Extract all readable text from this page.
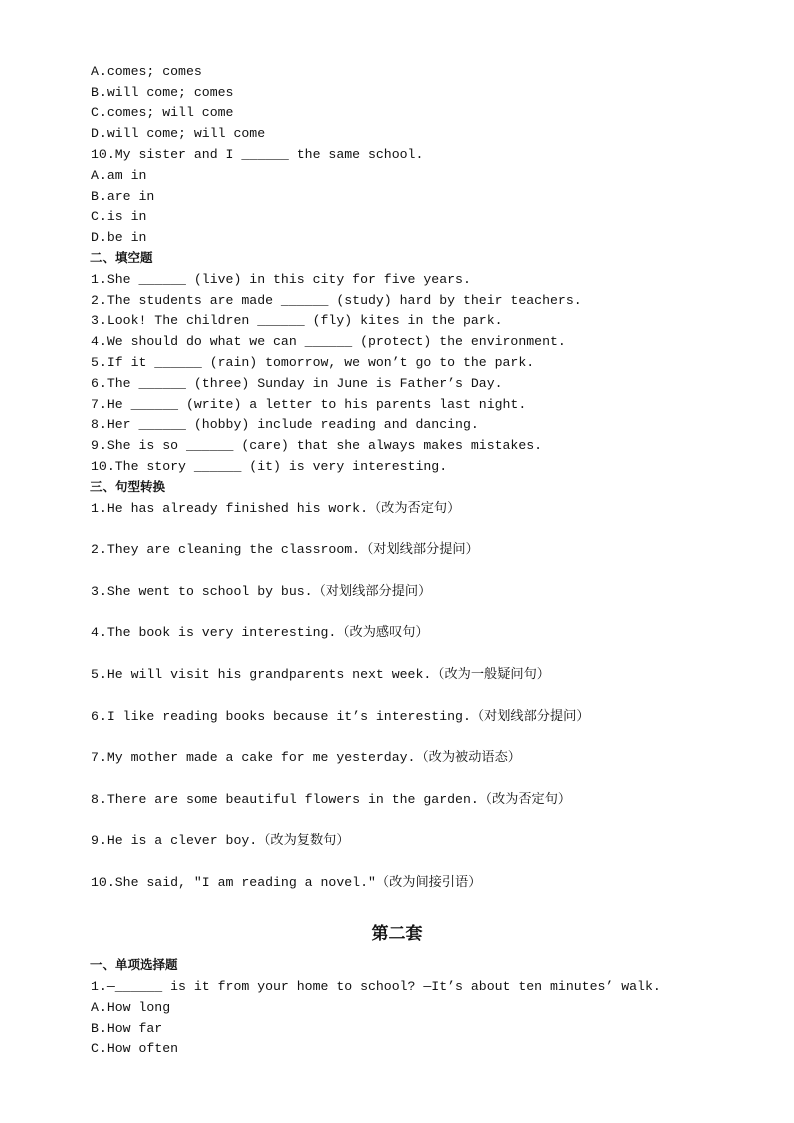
A.comes; comes
B.will come; comes
C.comes; will come
D.will come; will come
10.My sister and I ______ the same school.
A.am in
B.are in
C.is in
D.be in
二、填空题
1.She ______ (live) in this city for five years.
2.The students are made ______ (study) hard by their teachers.
3.Look! The children ______ (fly) kites in the park.
4.We should do what we can ______ (protect) the environment.
5.If it ______ (rain) tomorrow, we won’t go to the park.
6.The ______ (three) Sunday in June is Father’s Day.
7.He ______ (write) a letter to his parents last night.
8.Her ______ (hobby) include reading and dancing.
9.She is so ______ (care) that she always makes mistakes.
10.The story ______ (it) is very interesting.
三、句型转换
1.He has already finished his work.（改为否定句）
2.They are cleaning the classroom.（对划线部分提问）
3.She went to school by bus.（对划线部分提问）
4.The book is very interesting.（改为感叹句）
5.He will visit his grandparents next week.（改为一般疑问句）
6.I like reading books because it’s interesting.（对划线部分提问）
7.My mother made a cake for me yesterday.（改为被动语态）
8.There are some beautiful flowers in the garden.（改为否定句）
9.He is a clever boy.（改为复数句）
10.She said, "I am reading a novel."（改为间接引语）
第二套
一、单项选择题
1.—______ is it from your home to school? —It’s about ten minutes’ walk.
A.How long
B.How far
C.How often
